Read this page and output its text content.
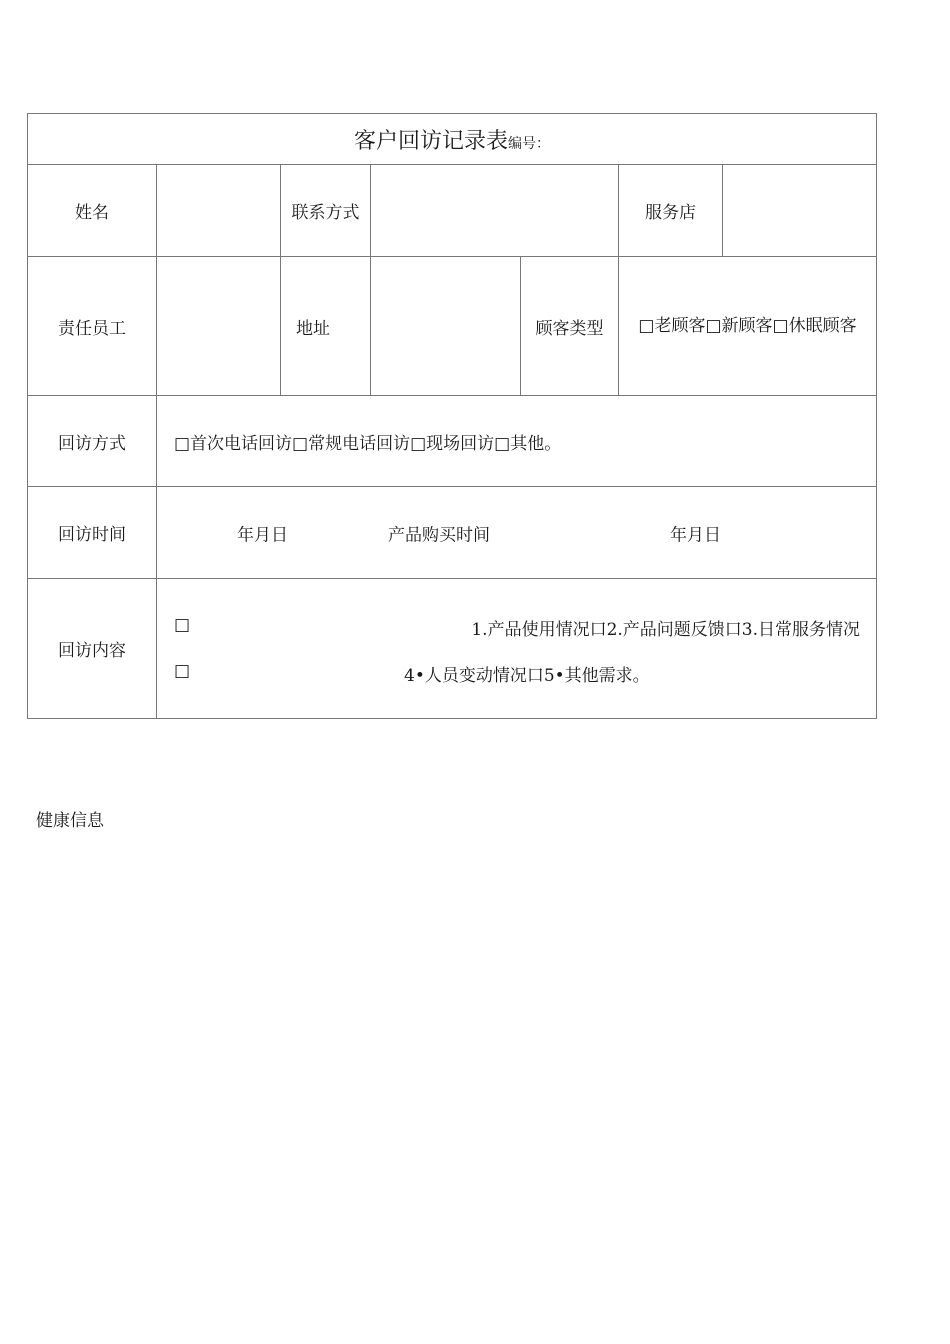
客户回访记录表编号：						
姓名		联系方式			服务店	
责任员工		地址		顾客类型	□老顾客□新顾客□休眠顾客	
回访方式	□首次电话回访□常规电话回访□现场回访□其他。					
回访时间	年月日 产品购买时间 年月日					

回访内容	□ 1.产品使用情况口2.产品问题反馈口3.日常服务情况
□ 4•人员变动情况口5•其他需求。					
健康信息
